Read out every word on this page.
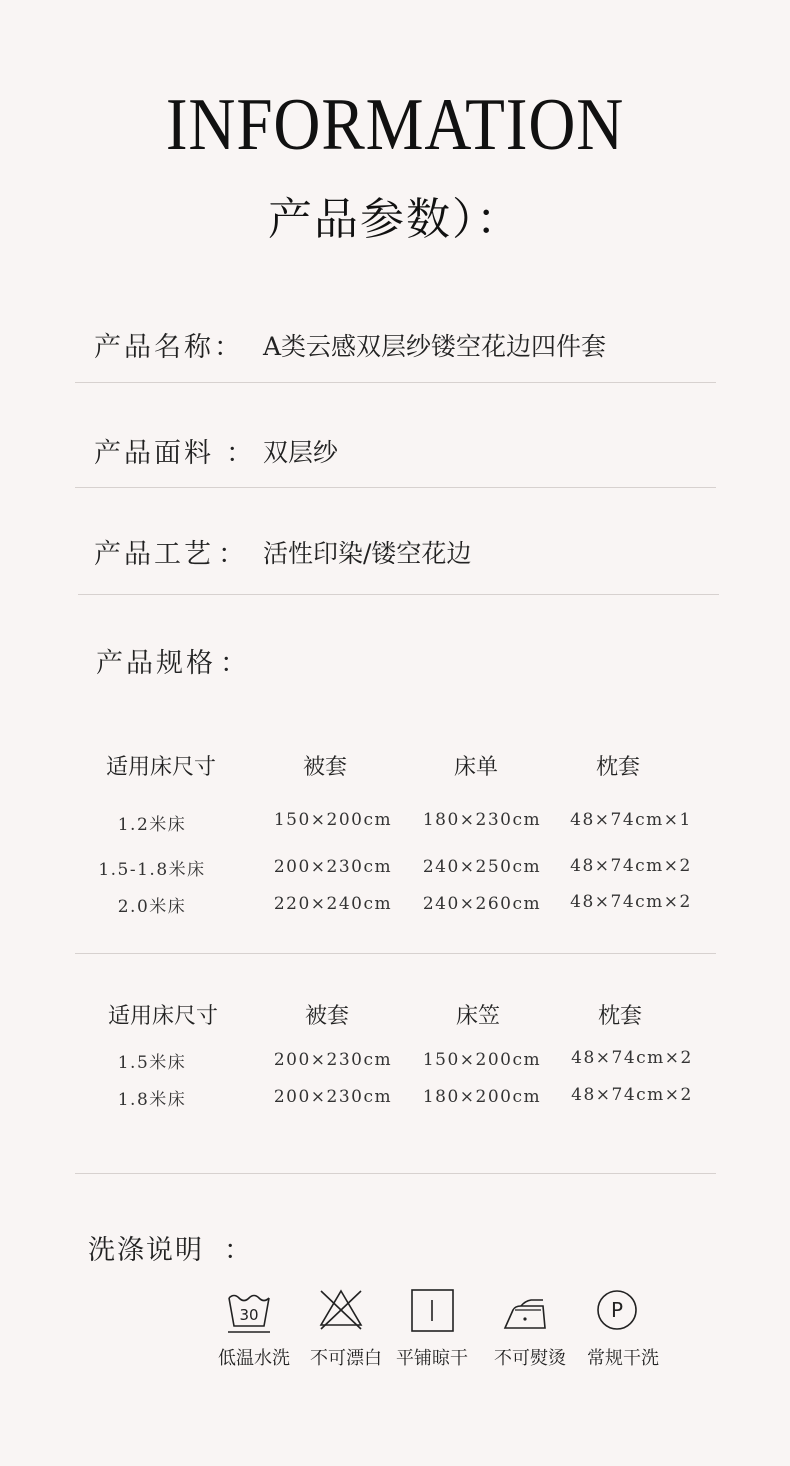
INFORMATION
产品参数）：
产品名称 ： A类云感双层纱镂空花边四件套
产品面料 ： 双层纱
产品工艺 ： 活性印染/镂空花边
产品规格 ：
适用床尺寸	被套	床单	枕套
1.2米床	150×200cm	180×230cm	48×74cm×1
1.5-1.8米床	200×230cm	240×250cm	48×74cm×2
2.0米床	220×240cm	240×260cm	48×74cm×2
适用床尺寸	被套	床笠	枕套
1.5米床	200×230cm	150×200cm	48×74cm×2
1.8米床	200×230cm	180×200cm	48×74cm×2
洗涤说明 ：
30	P
低温水洗	不可漂白 平铺晾干	不可熨烫	常规干洗
